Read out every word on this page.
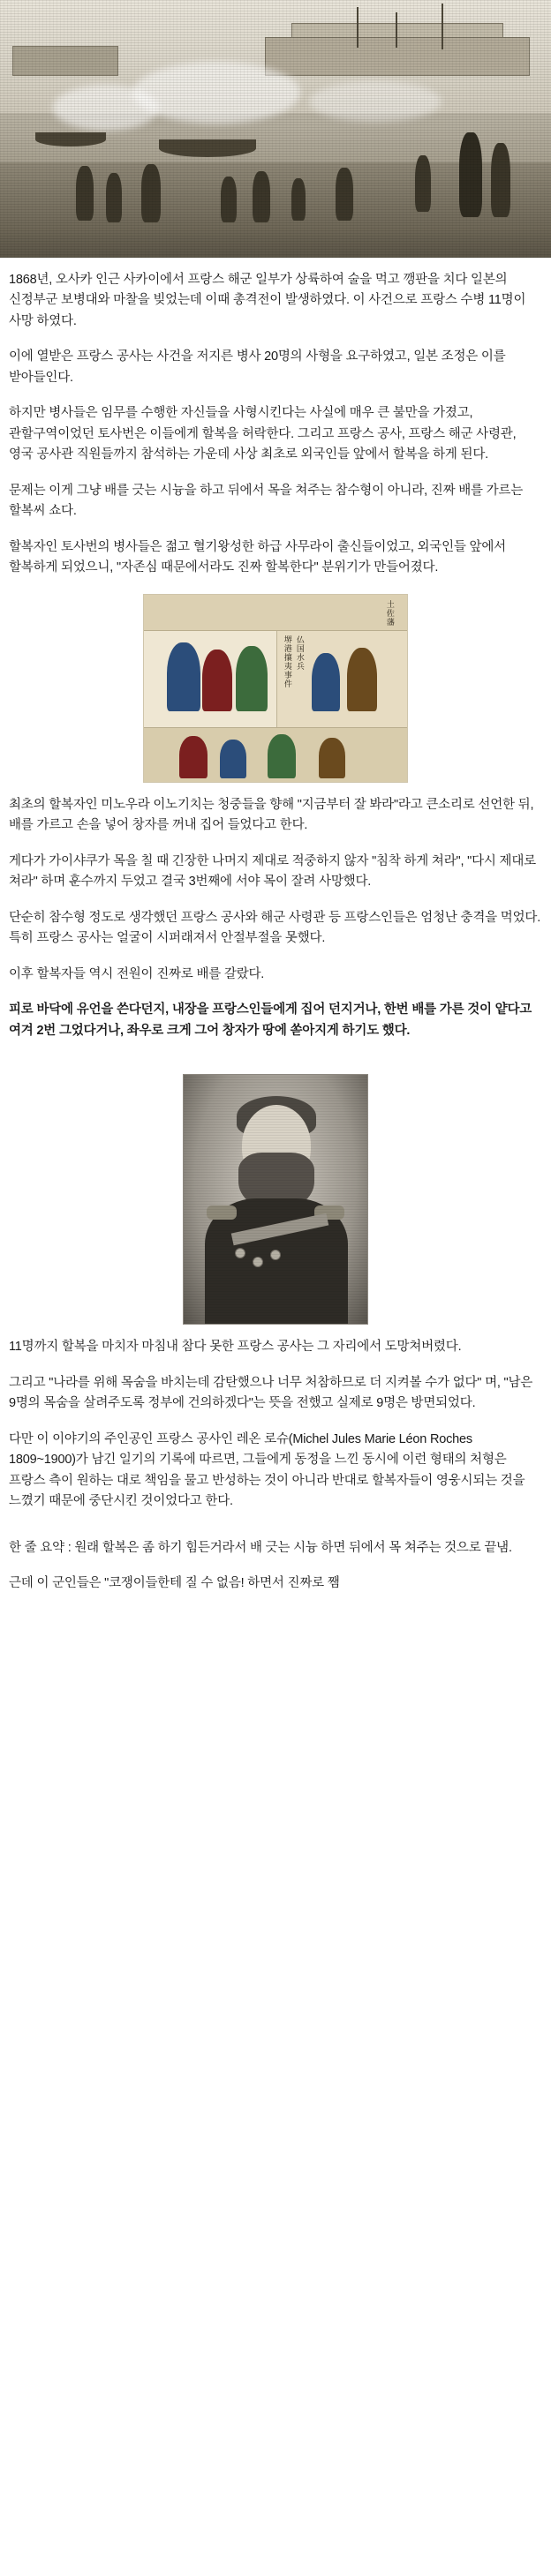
1868년, 오사카 인근 사카이에서 프랑스 해군 일부가 상륙하여 술을 먹고 깽판을 치다 일본의 신정부군 보병대와 마찰을 빚었는데 이때 총격전이 발생하였다. 이 사건으로 프랑스 수병 11명이 사망 하였다.

이에 열받은 프랑스 공사는 사건을 저지른 병사 20명의 사형을 요구하였고, 일본 조정은 이를 받아들인다.

하지만 병사들은 임무를 수행한 자신들을 사형시킨다는 사실에 매우 큰 불만을 가졌고, 관할구역이었던 토사번은 이들에게 할복을 허락한다. 그리고 프랑스 공사, 프랑스 해군 사령관, 영국 공사관 직원들까지 참석하는 가운데 사상 최초로 외국인들 앞에서 할복을 하게 된다.

문제는 이게 그냥 배를 긋는 시늉을 하고 뒤에서 목을 쳐주는 참수형이 아니라, 진짜 배를 가르는 할복씨 쇼다.

할복자인 토사번의 병사들은 젊고 혈기왕성한 하급 사무라이 출신들이었고, 외국인들 앞에서 할복하게 되었으니, "자존심 때문에서라도 진짜 할복한다" 분위기가 만들어졌다.

堺港攘夷事件 仏国水兵
土佐藩

최초의 할복자인 미노우라 이노기치는 청중들을 향해 "지금부터 잘 봐라"라고 큰소리로 선언한 뒤, 배를 가르고 손을 넣어 창자를 꺼내 집어 들었다고 한다.

게다가 가이샤쿠가 목을 칠 때 긴장한 나머지 제대로 적중하지 않자 "침착 하게 쳐라", "다시 제대로 쳐라" 하며 훈수까지 두었고 결국 3번째에 서야 목이 잘려 사망했다.

단순히 참수형 정도로 생각했던 프랑스 공사와 해군 사령관 등 프랑스인들은 엄청난 충격을 먹었다. 특히 프랑스 공사는 얼굴이 시퍼래져서 안절부절을 못했다.

이후 할복자들 역시 전원이 진짜로 배를 갈랐다.

피로 바닥에 유언을 쓴다던지, 내장을 프랑스인들에게 집어 던지거나, 한번 배를 가른 것이 얕다고 여겨 2번 그었다거나, 좌우로 크게 그어 창자가 땅에 쏟아지게 하기도 했다.

11명까지 할복을 마치자 마침내 참다 못한 프랑스 공사는 그 자리에서 도망쳐버렸다.

그리고 "나라를 위해 목숨을 바치는데 감탄했으나 너무 처참하므로 더 지켜볼 수가 없다" 며, "남은 9명의 목숨을 살려주도록 정부에 건의하겠다"는 뜻을 전했고 실제로 9명은 방면되었다.

다만 이 이야기의 주인공인 프랑스 공사인 레온 로슈(Michel Jules Marie Léon Roches 1809~1900)가 남긴 일기의 기록에 따르면, 그들에게 동정을 느낀 동시에 이런 형태의 처형은 프랑스 측이 원하는 대로 책임을 물고 반성하는 것이 아니라 반대로 할복자들이 영웅시되는 것을 느꼈기 때문에 중단시킨 것이었다고 한다.

한 줄 요약 : 원래 할복은 좀 하기 힘든거라서 배 긋는 시늉 하면 뒤에서 목 쳐주는 것으로 끝냄.

근데 이 군인들은 "코쟁이들한테 질 수 없음! 하면서 진짜로 쨈
